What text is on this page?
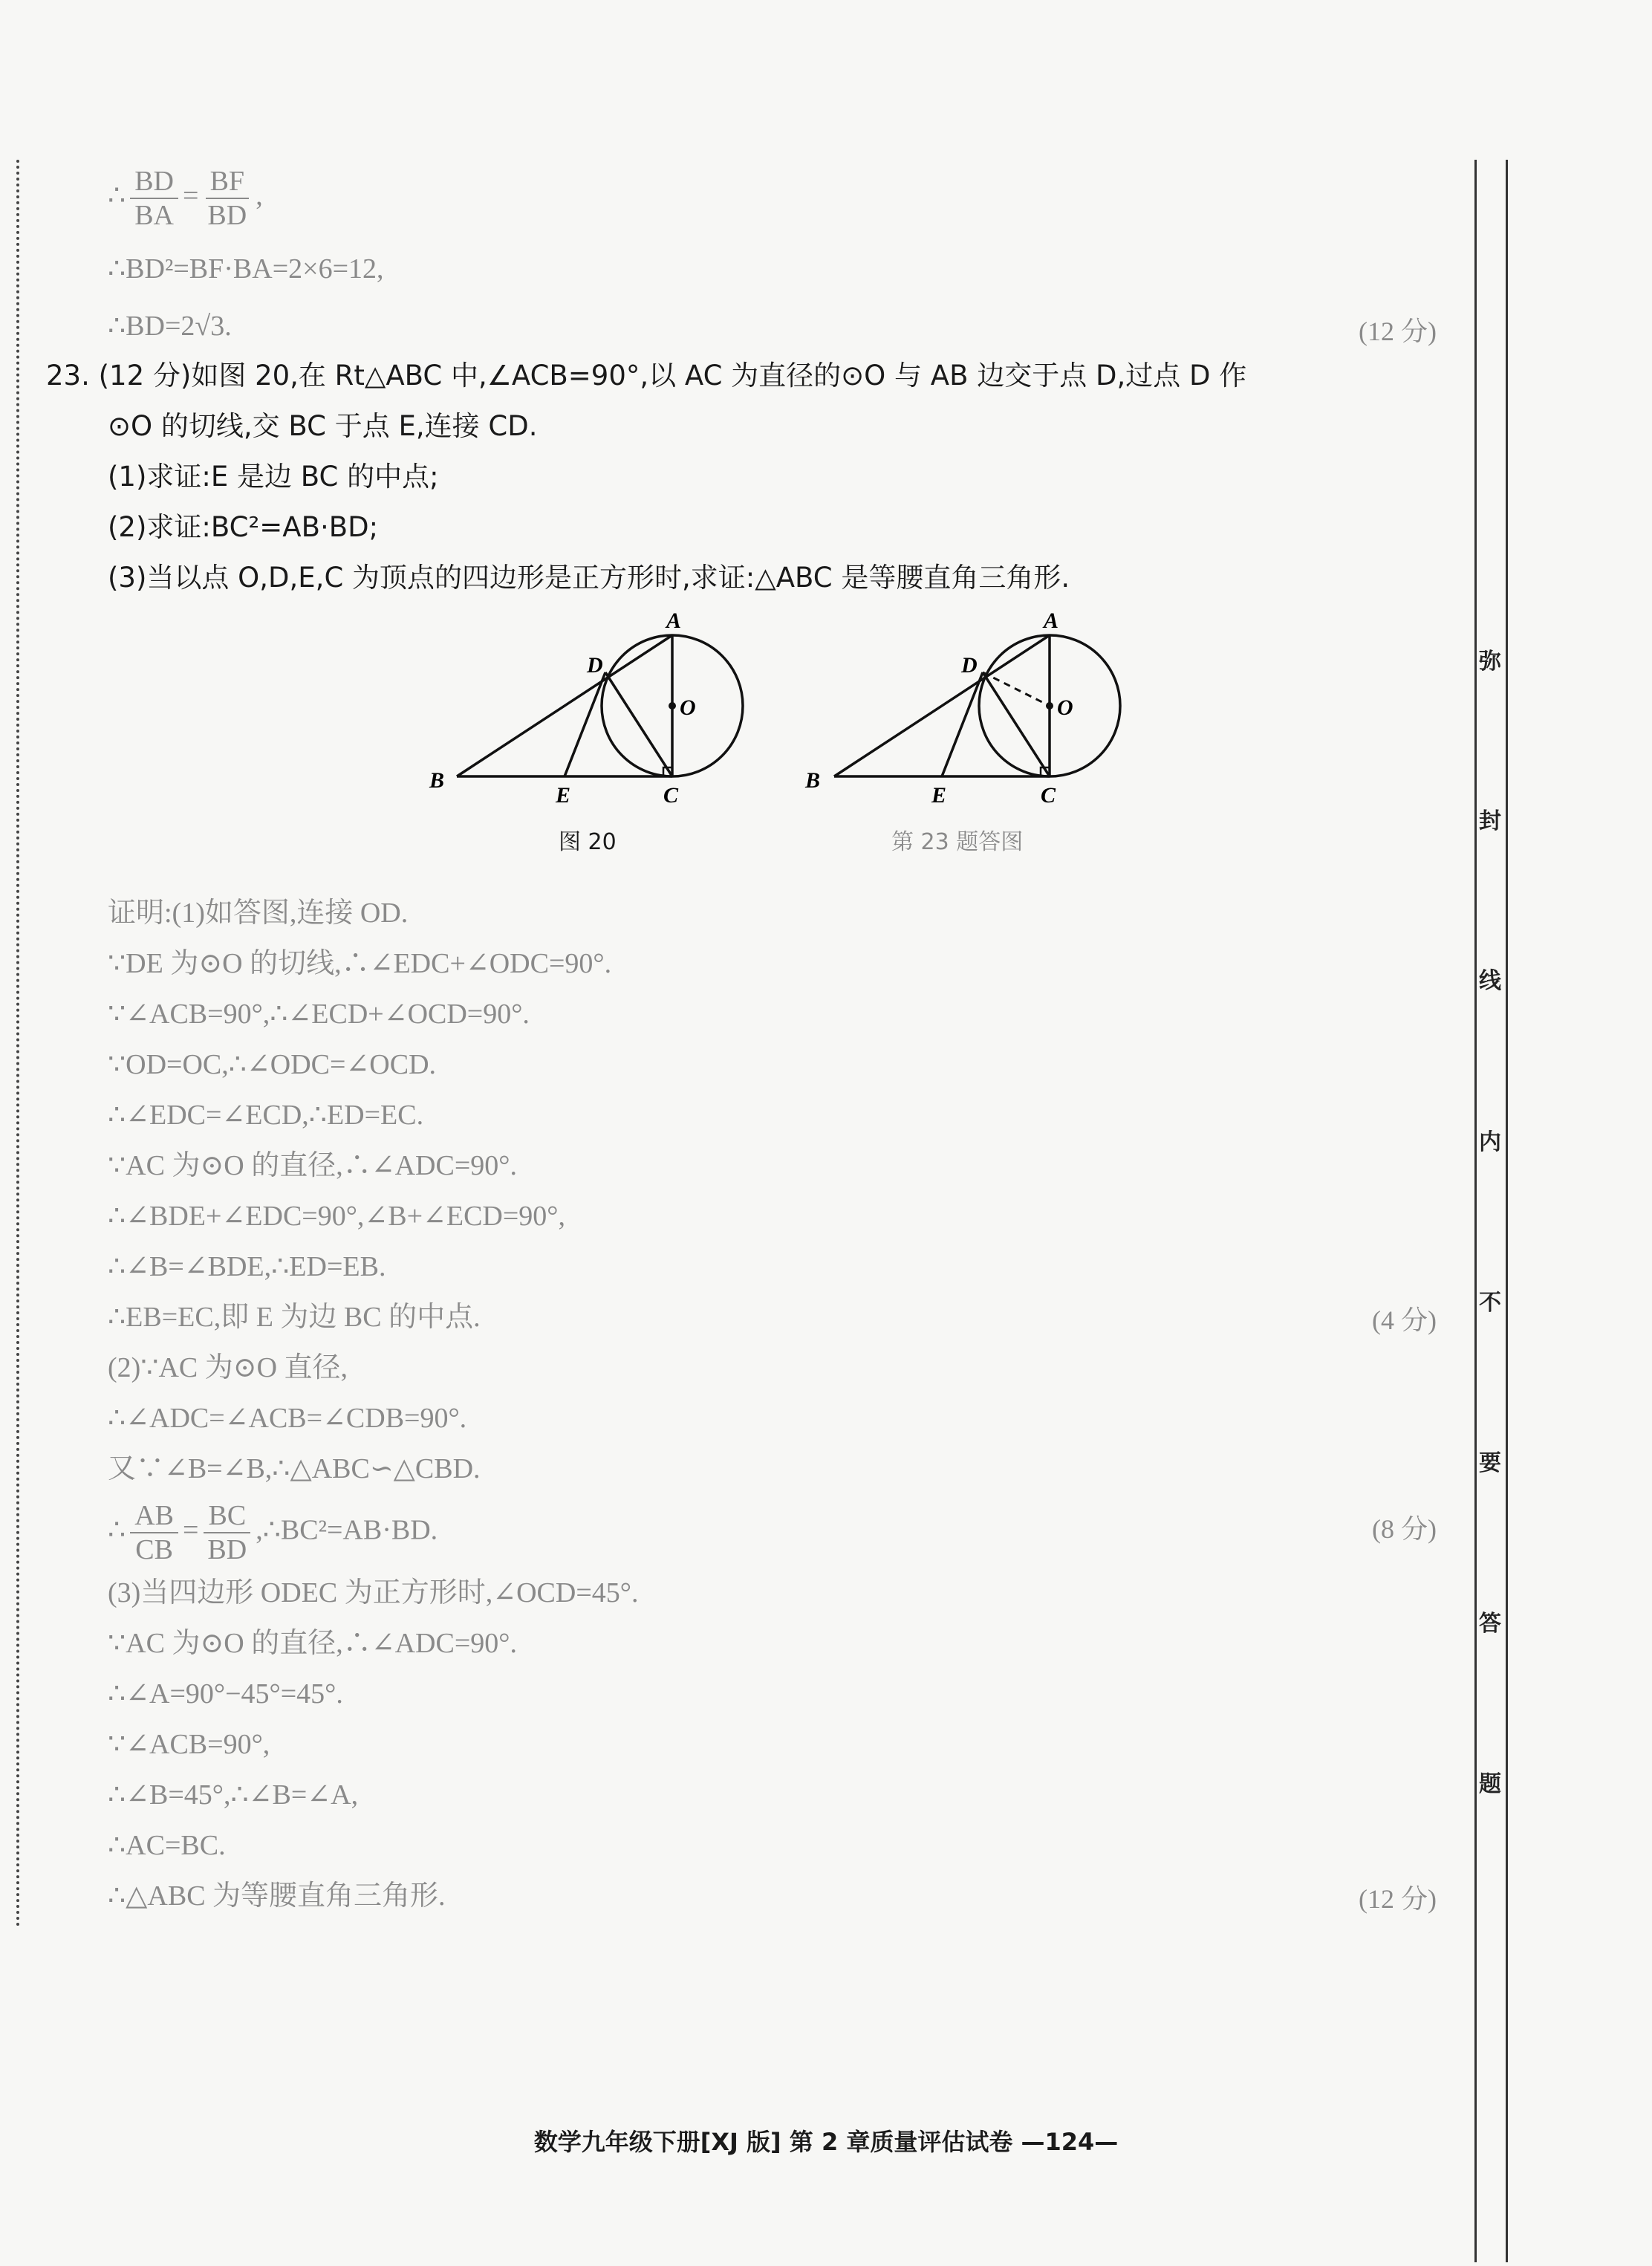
∴ $\frac{BD}{BA} = \frac{BF}{BD}$ ,
∴BD²=BF·BA=2×6=12,
∴BD=2√3.	(12 分)
23. (12 分)如图 20,在 Rt△ABC 中,∠ACB=90°,以 AC 为直径的⊙O 与 AB 边交于点 D,过点 D 作
⊙O 的切线,交 BC 于点 E,连接 CD.
(1)求证:E 是边 BC 的中点;
(2)求证:BC²=AB·BD;
(3)当以点 O,D,E,C 为顶点的四边形是正方形时,求证:△ABC 是等腰直角三角形.
A
D
O
B
E	C
图 20
A
D
O
B
E	C
第 23 题答图
证明:(1)如答图,连接 OD.
∵DE 为⊙O 的切线,∴∠EDC+∠ODC=90°.
∵∠ACB=90°,∴∠ECD+∠OCD=90°.
∵OD=OC,∴∠ODC=∠OCD.
∴∠EDC=∠ECD,∴ED=EC.
∵AC 为⊙O 的直径,∴∠ADC=90°.
∴∠BDE+∠EDC=90°,∠B+∠ECD=90°,
∴∠B=∠BDE,∴ED=EB.
∴EB=EC,即 E 为边 BC 的中点.	(4 分)
(2)∵AC 为⊙O 直径,
∴∠ADC=∠ACB=∠CDB=90°.
又∵∠B=∠B,∴△ABC∽△CBD.
∴ $\frac{AB}{CB} = \frac{BC}{BD}$ ,∴BC²=AB·BD.	(8 分)
(3)当四边形 ODEC 为正方形时,∠OCD=45°.
∵AC 为⊙O 的直径,∴∠ADC=90°.
∴∠A=90°−45°=45°.
∵∠ACB=90°,
∴∠B=45°,∴∠B=∠A,
∴AC=BC.
∴△ABC 为等腰直角三角形.	(12 分)
弥
封
线
内
不
要
答
题
数学九年级下册[XJ 版] 第 2 章质量评估试卷 —124—
